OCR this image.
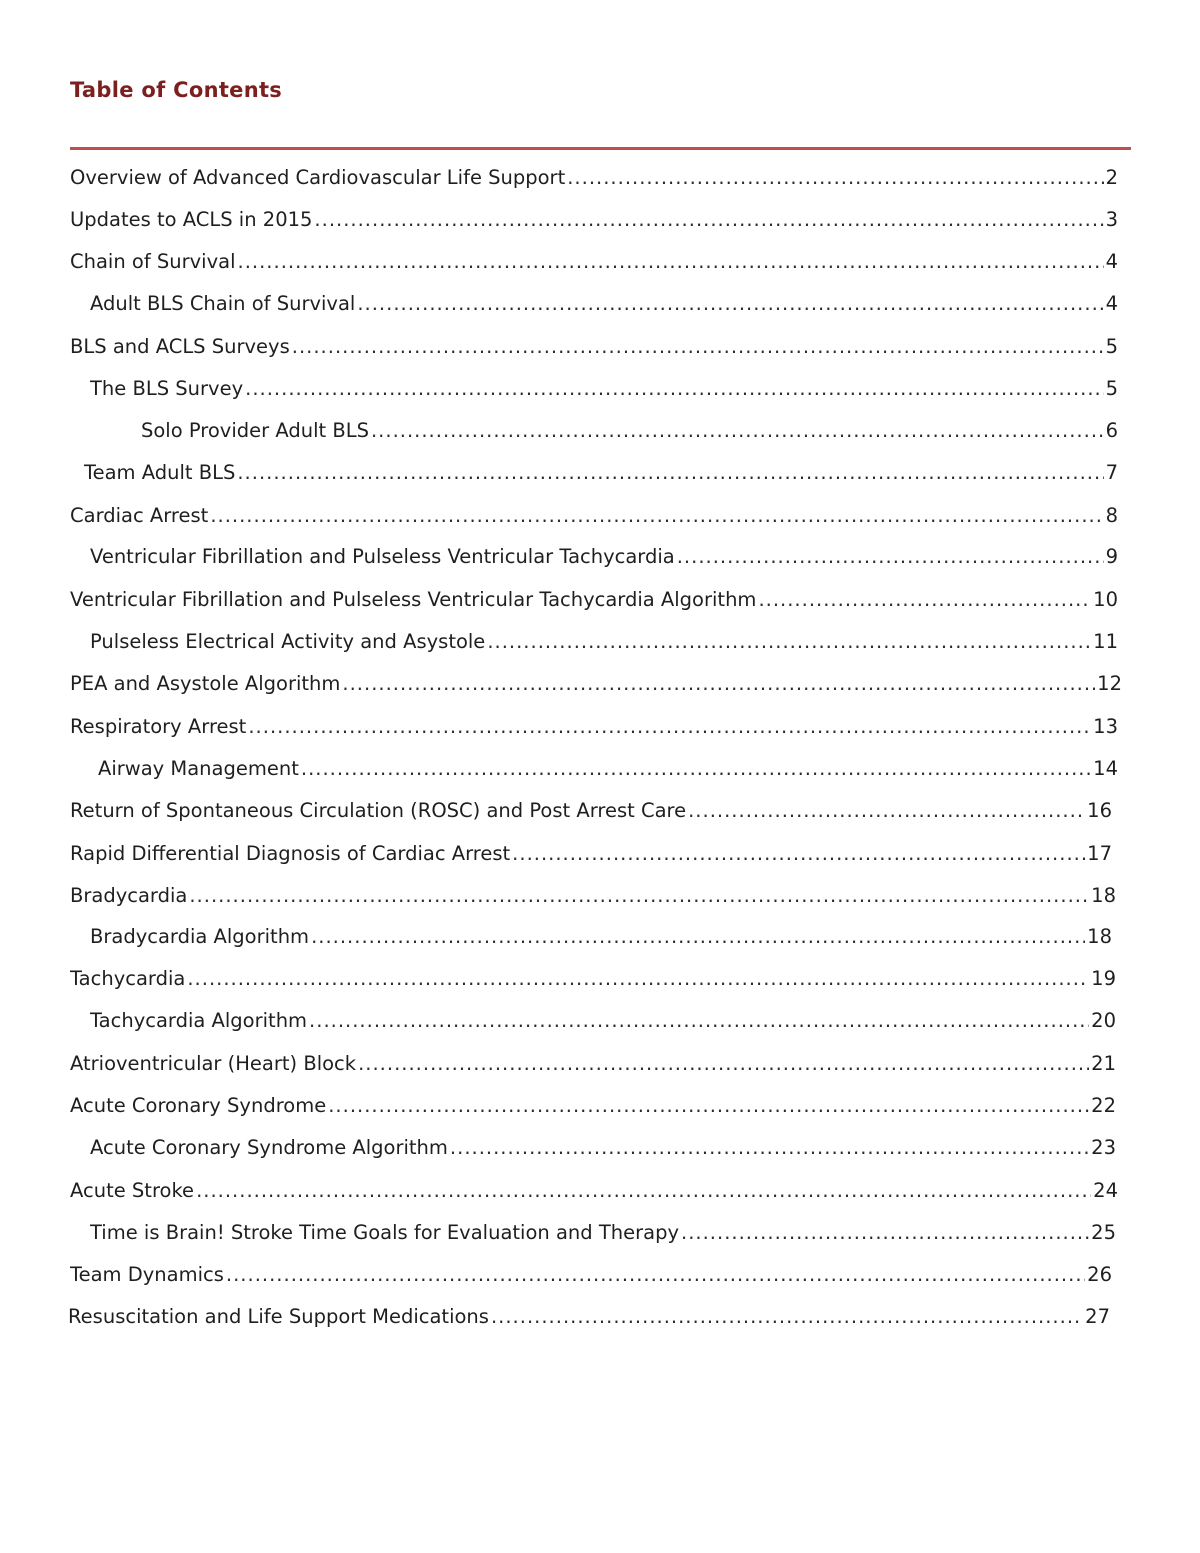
Table of Contents
Overview of Advanced Cardiovascular Life Support .....	2
Updates to ACLS in 2015 .....	3
Chain of Survival .....	4
Adult BLS Chain of Survival .....	4
BLS and ACLS Surveys .....	5
The BLS Survey .....	5
Solo Provider Adult BLS .....	6
Team Adult BLS .....	7
Cardiac Arrest .....	8
Ventricular Fibrillation and Pulseless Ventricular Tachycardia .....	9
Ventricular Fibrillation and Pulseless Ventricular Tachycardia Algorithm .....	10
Pulseless Electrical Activity and Asystole .....	11
PEA and Asystole Algorithm .....	12
Respiratory Arrest .....	13
Airway Management .....	14
Return of Spontaneous Circulation (ROSC) and Post Arrest Care .....	16
Rapid Differential Diagnosis of Cardiac Arrest .....	17
Bradycardia .....	18
Bradycardia Algorithm .....	18
Tachycardia .....	19
Tachycardia Algorithm .....	20
Atrioventricular (Heart) Block .....	21
Acute Coronary Syndrome .....	22
Acute Coronary Syndrome Algorithm .....	23
Acute Stroke .....	24
Time is Brain! Stroke Time Goals for Evaluation and Therapy .....	25
Team Dynamics .....	26
Resuscitation and Life Support Medications .....	27
